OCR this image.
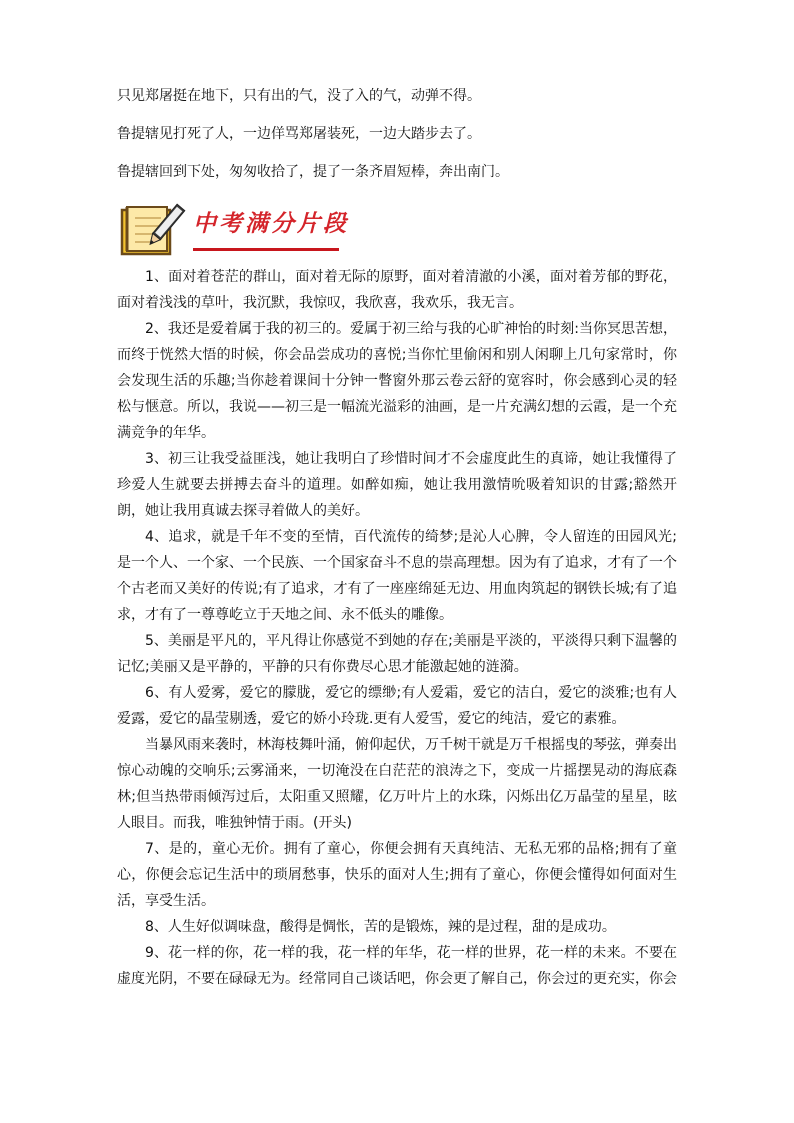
只见郑屠挺在地下，只有出的气，没了入的气，动弹不得。

鲁提辖见打死了人，一边佯骂郑屠装死，一边大踏步去了。

鲁提辖回到下处，匆匆收拾了，提了一条齐眉短棒，奔出南门。

中考满分片段

1、面对着苍茫的群山，面对着无际的原野，面对着清澈的小溪，面对着芳郁的野花，面对着浅浅的草叶，我沉默，我惊叹，我欣喜，我欢乐，我无言。

2、我还是爱着属于我的初三的。爱属于初三给与我的心旷神怡的时刻:当你冥思苦想，而终于恍然大悟的时候，你会品尝成功的喜悦;当你忙里偷闲和别人闲聊上几句家常时，你会发现生活的乐趣;当你趁着课间十分钟一瞥窗外那云卷云舒的宽容时，你会感到心灵的轻松与惬意。所以，我说——初三是一幅流光溢彩的油画，是一片充满幻想的云霞，是一个充满竞争的年华。

3、初三让我受益匪浅，她让我明白了珍惜时间才不会虚度此生的真谛，她让我懂得了珍爱人生就要去拼搏去奋斗的道理。如醉如痴，她让我用激情吮吸着知识的甘露;豁然开朗，她让我用真诚去探寻着做人的美好。

4、追求，就是千年不变的至情，百代流传的绮梦;是沁人心脾，令人留连的田园风光;是一个人、一个家、一个民族、一个国家奋斗不息的崇高理想。因为有了追求，才有了一个个古老而又美好的传说;有了追求，才有了一座座绵延无边、用血肉筑起的钢铁长城;有了追求，才有了一尊尊屹立于天地之间、永不低头的雕像。

5、美丽是平凡的，平凡得让你感觉不到她的存在;美丽是平淡的，平淡得只剩下温馨的记忆;美丽又是平静的，平静的只有你费尽心思才能激起她的涟漪。

6、有人爱雾，爱它的朦胧，爱它的缥缈;有人爱霜，爱它的洁白，爱它的淡雅;也有人爱露，爱它的晶莹剔透，爱它的娇小玲珑.更有人爱雪，爱它的纯洁，爱它的素雅。

当暴风雨来袭时，林海枝舞叶涌，俯仰起伏，万千树干就是万千根摇曳的琴弦，弹奏出惊心动魄的交响乐;云雾涌来，一切淹没在白茫茫的浪涛之下，变成一片摇摆晃动的海底森林;但当热带雨倾泻过后，太阳重又照耀，亿万叶片上的水珠，闪烁出亿万晶莹的星星，眩人眼目。而我，唯独钟情于雨。(开头)

7、是的，童心无价。拥有了童心，你便会拥有天真纯洁、无私无邪的品格;拥有了童心，你便会忘记生活中的琐屑愁事，快乐的面对人生;拥有了童心，你便会懂得如何面对生活，享受生活。

8、人生好似调味盘，酸得是惆怅，苦的是锻炼，辣的是过程，甜的是成功。

9、花一样的你，花一样的我，花一样的年华，花一样的世界，花一样的未来。不要在虚度光阴，不要在碌碌无为。经常同自己谈话吧，你会更了解自己，你会过的更充实，你会
